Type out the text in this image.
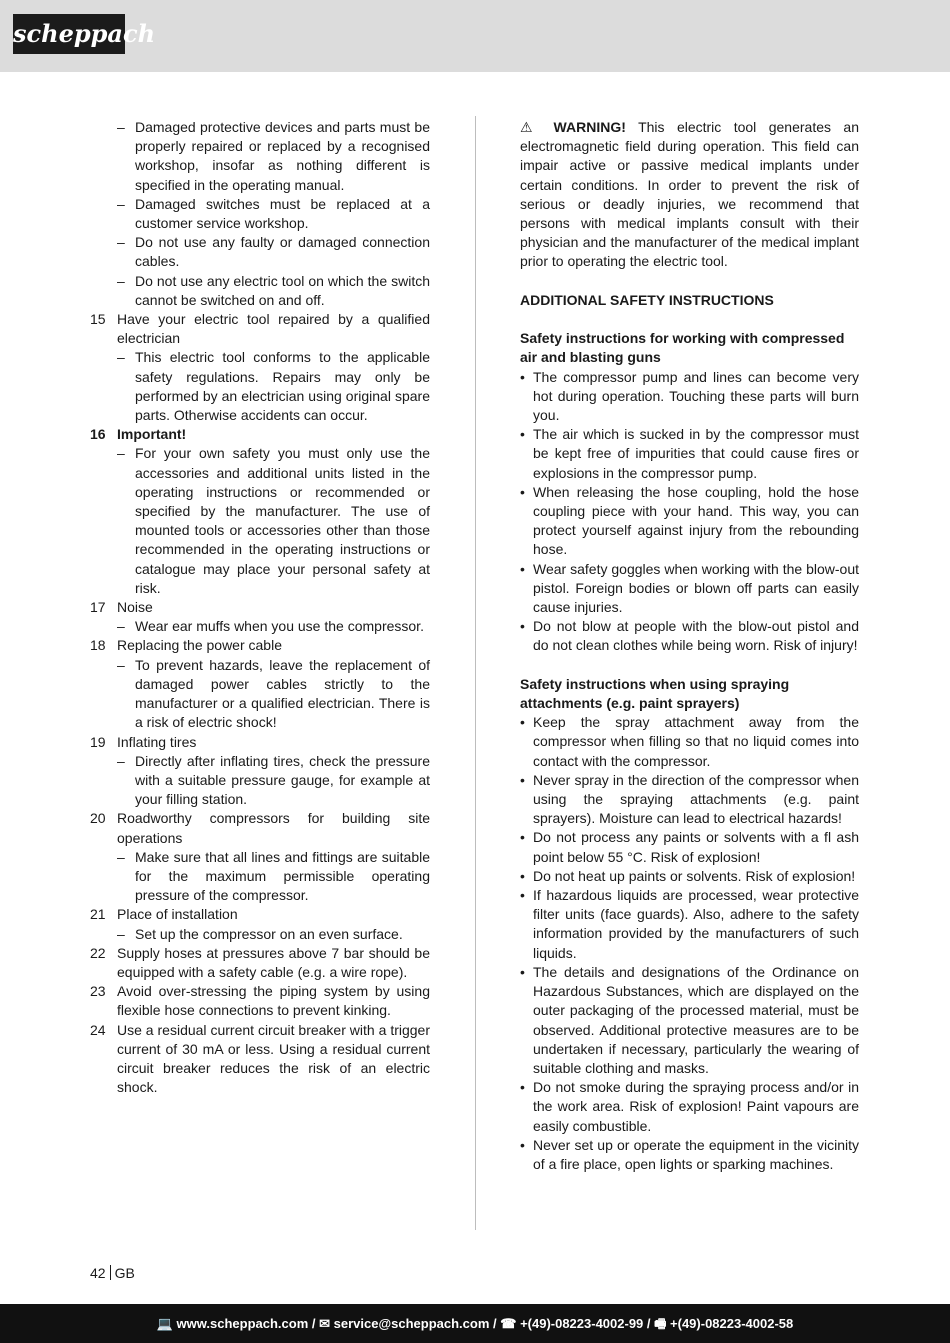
scheppach
– Damaged protective devices and parts must be properly repaired or replaced by a recognised workshop, insofar as nothing different is specified in the operating manual.
– Damaged switches must be replaced at a customer service workshop.
– Do not use any faulty or damaged connection cables.
– Do not use any electric tool on which the switch cannot be switched on and off.
15 Have your electric tool repaired by a qualified electrician
– This electric tool conforms to the applicable safety regulations. Repairs may only be performed by an electrician using original spare parts. Otherwise accidents can occur.
16 Important!
– For your own safety you must only use the accessories and additional units listed in the operating instructions or recommended or specified by the manufacturer. The use of mounted tools or accessories other than those recommended in the operating instructions or catalogue may place your personal safety at risk.
17 Noise
– Wear ear muffs when you use the compressor.
18 Replacing the power cable
– To prevent hazards, leave the replacement of damaged power cables strictly to the manufacturer or a qualified electrician. There is a risk of electric shock!
19 Inflating tires
– Directly after inflating tires, check the pressure with a suitable pressure gauge, for example at your filling station.
20 Roadworthy compressors for building site operations
– Make sure that all lines and fittings are suitable for the maximum permissible operating pressure of the compressor.
21 Place of installation
– Set up the compressor on an even surface.
22 Supply hoses at pressures above 7 bar should be equipped with a safety cable (e.g. a wire rope).
23 Avoid over-stressing the piping system by using flexible hose connections to prevent kinking.
24 Use a residual current circuit breaker with a trigger current of 30 mA or less. Using a residual current circuit breaker reduces the risk of an electric shock.
⚠ WARNING! This electric tool generates an electromagnetic field during operation. This field can impair active or passive medical implants under certain conditions. In order to prevent the risk of serious or deadly injuries, we recommend that persons with medical implants consult with their physician and the manufacturer of the medical implant prior to operating the electric tool.
ADDITIONAL SAFETY INSTRUCTIONS
Safety instructions for working with compressed air and blasting guns
• The compressor pump and lines can become very hot during operation. Touching these parts will burn you.
• The air which is sucked in by the compressor must be kept free of impurities that could cause fires or explosions in the compressor pump.
• When releasing the hose coupling, hold the hose coupling piece with your hand. This way, you can protect yourself against injury from the rebounding hose.
• Wear safety goggles when working with the blow-out pistol. Foreign bodies or blown off parts can easily cause injuries.
• Do not blow at people with the blow-out pistol and do not clean clothes while being worn. Risk of injury!
Safety instructions when using spraying attachments (e.g. paint sprayers)
• Keep the spray attachment away from the compressor when filling so that no liquid comes into contact with the compressor.
• Never spray in the direction of the compressor when using the spraying attachments (e.g. paint sprayers). Moisture can lead to electrical hazards!
• Do not process any paints or solvents with a fl ash point below 55 °C. Risk of explosion!
• Do not heat up paints or solvents. Risk of explosion!
• If hazardous liquids are processed, wear protective filter units (face guards). Also, adhere to the safety information provided by the manufacturers of such liquids.
• The details and designations of the Ordinance on Hazardous Substances, which are displayed on the outer packaging of the processed material, must be observed. Additional protective measures are to be undertaken if necessary, particularly the wearing of suitable clothing and masks.
• Do not smoke during the spraying process and/or in the work area. Risk of explosion! Paint vapours are easily combustible.
• Never set up or operate the equipment in the vicinity of a fire place, open lights or sparking machines.
42 GB
💻 www.scheppach.com / ✉ service@scheppach.com / ☎ +(49)-08223-4002-99 / 🖷 +(49)-08223-4002-58
